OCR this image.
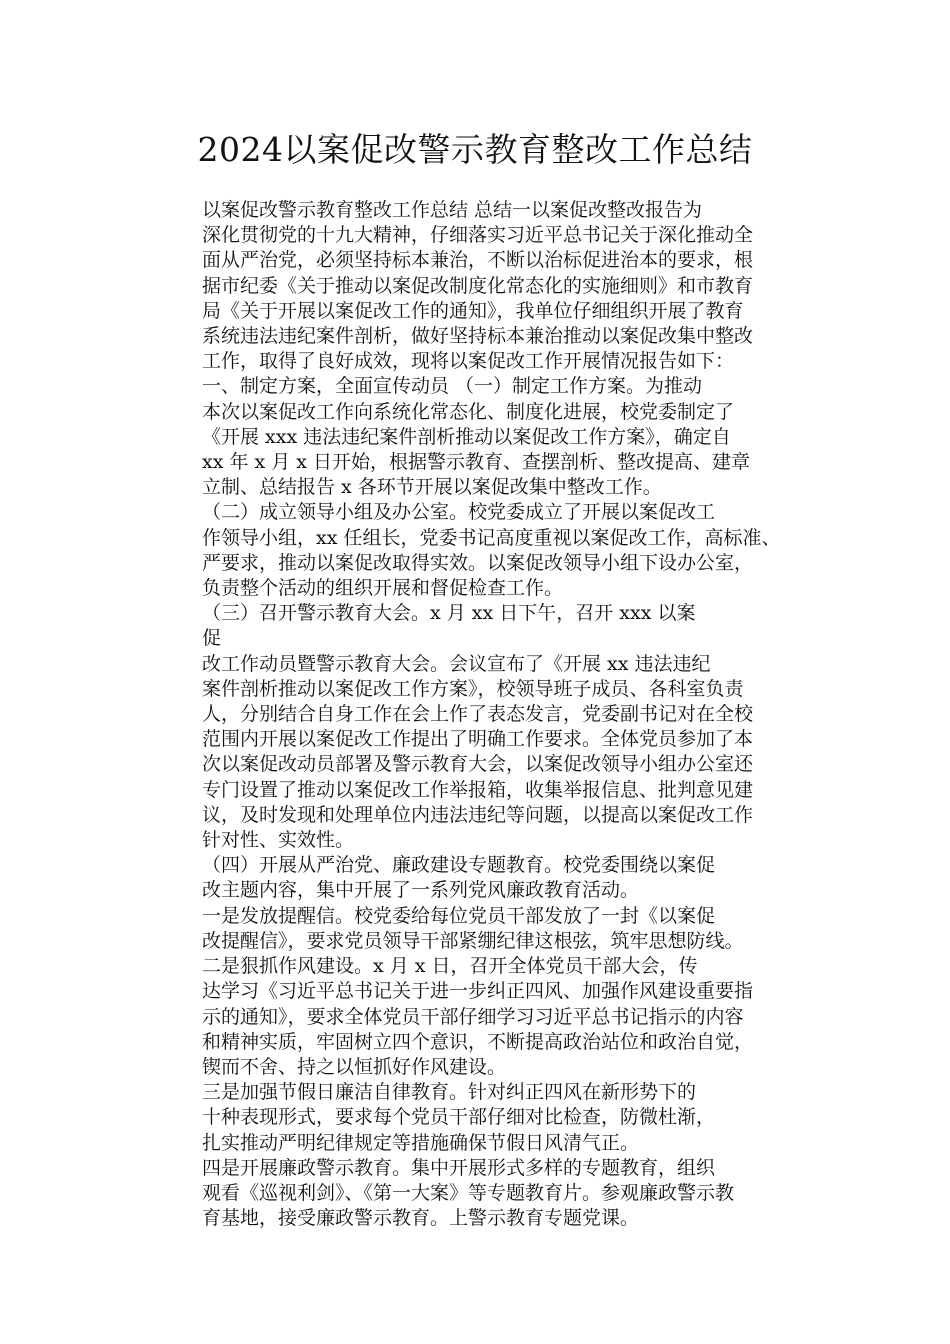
2024以案促改警示教育整改工作总结

以案促改警示教育整改工作总结 总结一以案促改整改报告为
深化贯彻党的十九大精神，仔细落实习近平总书记关于深化推动全
面从严治党，必须坚持标本兼治，不断以治标促进治本的要求，根
据市纪委《关于推动以案促改制度化常态化的实施细则》和市教育
局《关于开展以案促改工作的通知》，我单位仔细组织开展了教育
系统违法违纪案件剖析，做好坚持标本兼治推动以案促改集中整改
工作，取得了良好成效，现将以案促改工作开展情况报告如下：

一、制定方案，全面宣传动员 （一）制定工作方案。为推动
本次以案促改工作向系统化常态化、制度化进展，校党委制定了
《开展 xxx 违法违纪案件剖析推动以案促改工作方案》，确定自
xx 年 x 月 x 日开始，根据警示教育、查摆剖析、整改提高、建章
立制、总结报告 x 各环节开展以案促改集中整改工作。

（二）成立领导小组及办公室。校党委成立了开展以案促改工
作领导小组，xx 任组长，党委书记高度重视以案促改工作，高标准、
严要求，推动以案促改取得实效。以案促改领导小组下设办公室，
负责整个活动的组织开展和督促检查工作。

（三）召开警示教育大会。x 月 xx 日下午，召开 xxx 以案
促

改工作动员暨警示教育大会。会议宣布了《开展 xx 违法违纪
案件剖析推动以案促改工作方案》，校领导班子成员、各科室负责
人，分别结合自身工作在会上作了表态发言，党委副书记对在全校
范围内开展以案促改工作提出了明确工作要求。全体党员参加了本
次以案促改动员部署及警示教育大会，以案促改领导小组办公室还
专门设置了推动以案促改工作举报箱，收集举报信息、批判意见建
议，及时发现和处理单位内违法违纪等问题，以提高以案促改工作
针对性、实效性。

（四）开展从严治党、廉政建设专题教育。校党委围绕以案促
改主题内容，集中开展了一系列党风廉政教育活动。

一是发放提醒信。校党委给每位党员干部发放了一封《以案促
改提醒信》，要求党员领导干部紧绷纪律这根弦，筑牢思想防线。

二是狠抓作风建设。x 月 x 日，召开全体党员干部大会，传
达学习《习近平总书记关于进一步纠正四风、加强作风建设重要指
示的通知》，要求全体党员干部仔细学习习近平总书记指示的内容
和精神实质，牢固树立四个意识，不断提高政治站位和政治自觉，
锲而不舍、持之以恒抓好作风建设。

三是加强节假日廉洁自律教育。针对纠正四风在新形势下的

十种表现形式，要求每个党员干部仔细对比检查，防微杜渐，
扎实推动严明纪律规定等措施确保节假日风清气正。

四是开展廉政警示教育。集中开展形式多样的专题教育，组织
观看《巡视利剑》、《第一大案》等专题教育片。参观廉政警示教
育基地，接受廉政警示教育。上警示教育专题党课。
